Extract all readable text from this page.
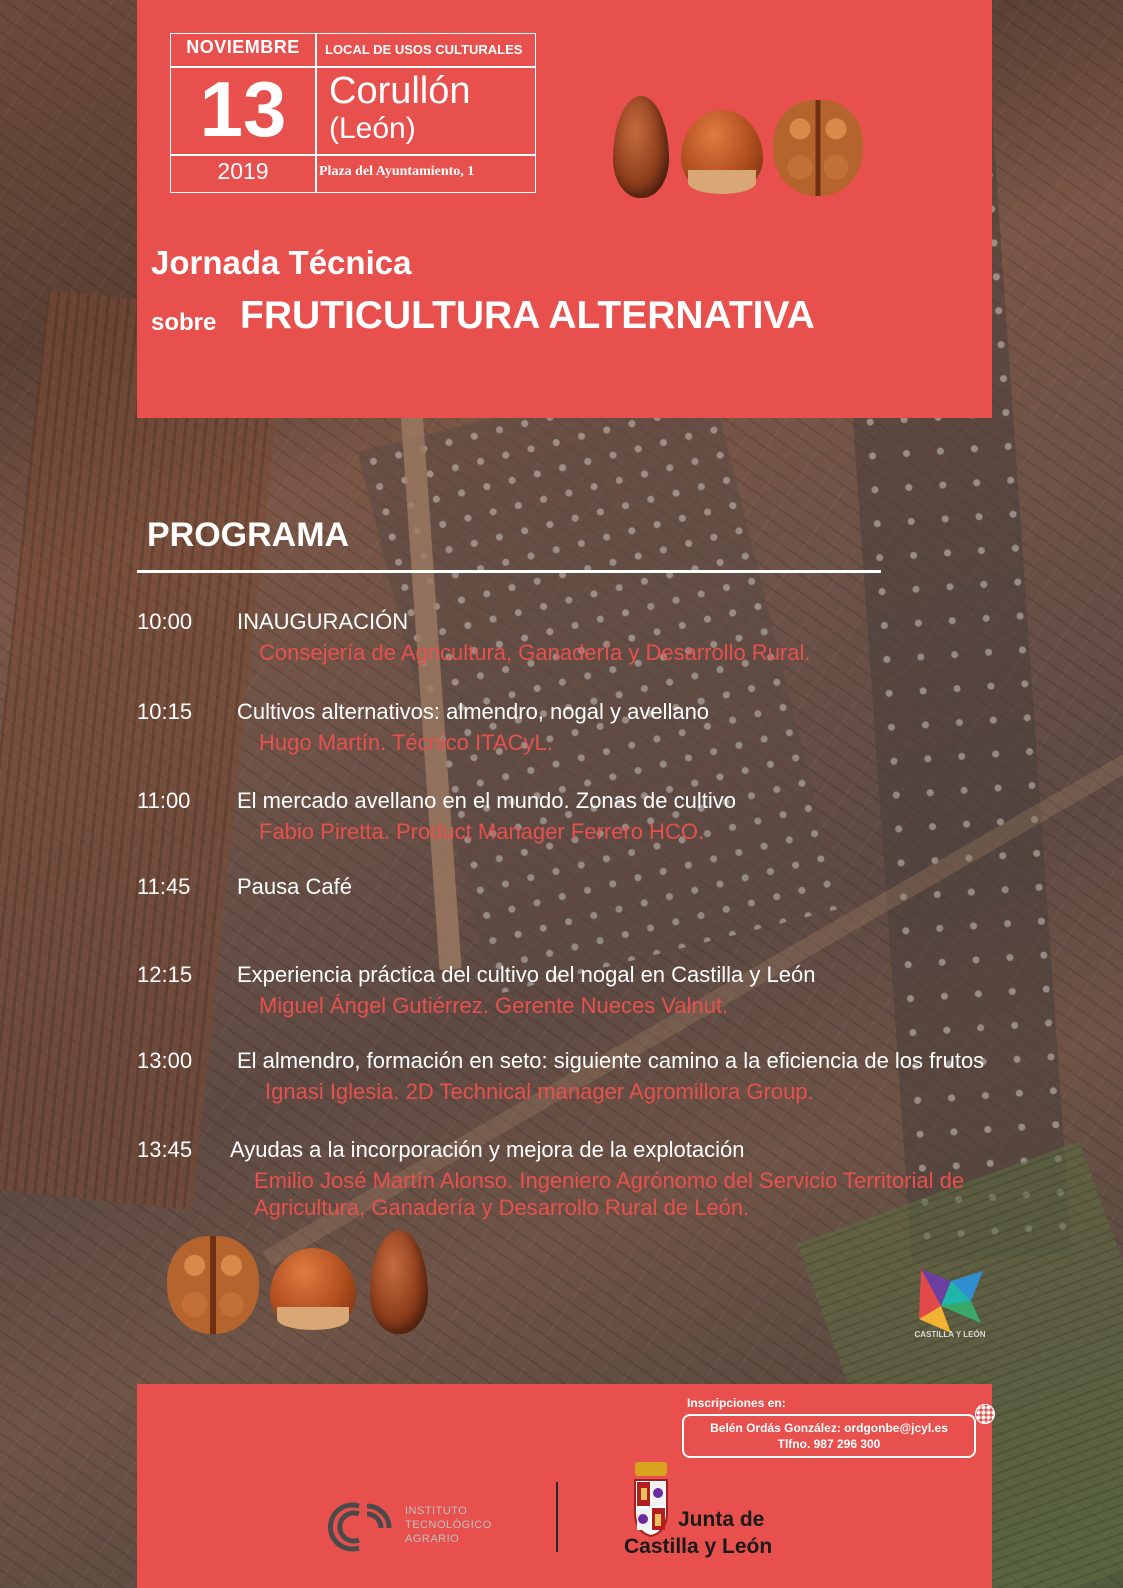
NOVIEMBRE
13
2019
LOCAL DE USOS CULTURALES
Corullón
(León)
Plaza del Ayuntamiento, 1
Jornada Técnica
sobre FRUTICULTURA ALTERNATIVA
PROGRAMA
10:00 INAUGURACIÓN
Consejería de Agricultura, Ganadería y Desarrollo Rural.
10:15 Cultivos alternativos: almendro, nogal y avellano
Hugo Martín. Técnico ITACyL.
11:00 El mercado avellano en el mundo. Zonas de cultivo
Fabio Piretta. Product Manager Ferrero HCO.
11:45 Pausa Café
12:15 Experiencia práctica del cultivo del nogal en Castilla y León
Miguel Ángel Gutiérrez. Gerente Nueces Valnut.
13:00 El almendro, formación en seto: siguiente camino a la eficiencia de los frutos
Ignasi Iglesia. 2D Technical manager Agromillora Group.
13:45 Ayudas a la incorporación y mejora de la explotación
Emilio José Martín Alonso. Ingeniero Agrónomo del Servicio Territorial de
Agricultura, Ganadería y Desarrollo Rural de León.
CASTILLA Y LEÓN
Inscripciones en:
Belén Ordás González: ordgonbe@jcyl.es
Tlfno. 987 296 300
INSTITUTO
TECNOLÓGICO
AGRARIO
Junta de
Castilla y León
